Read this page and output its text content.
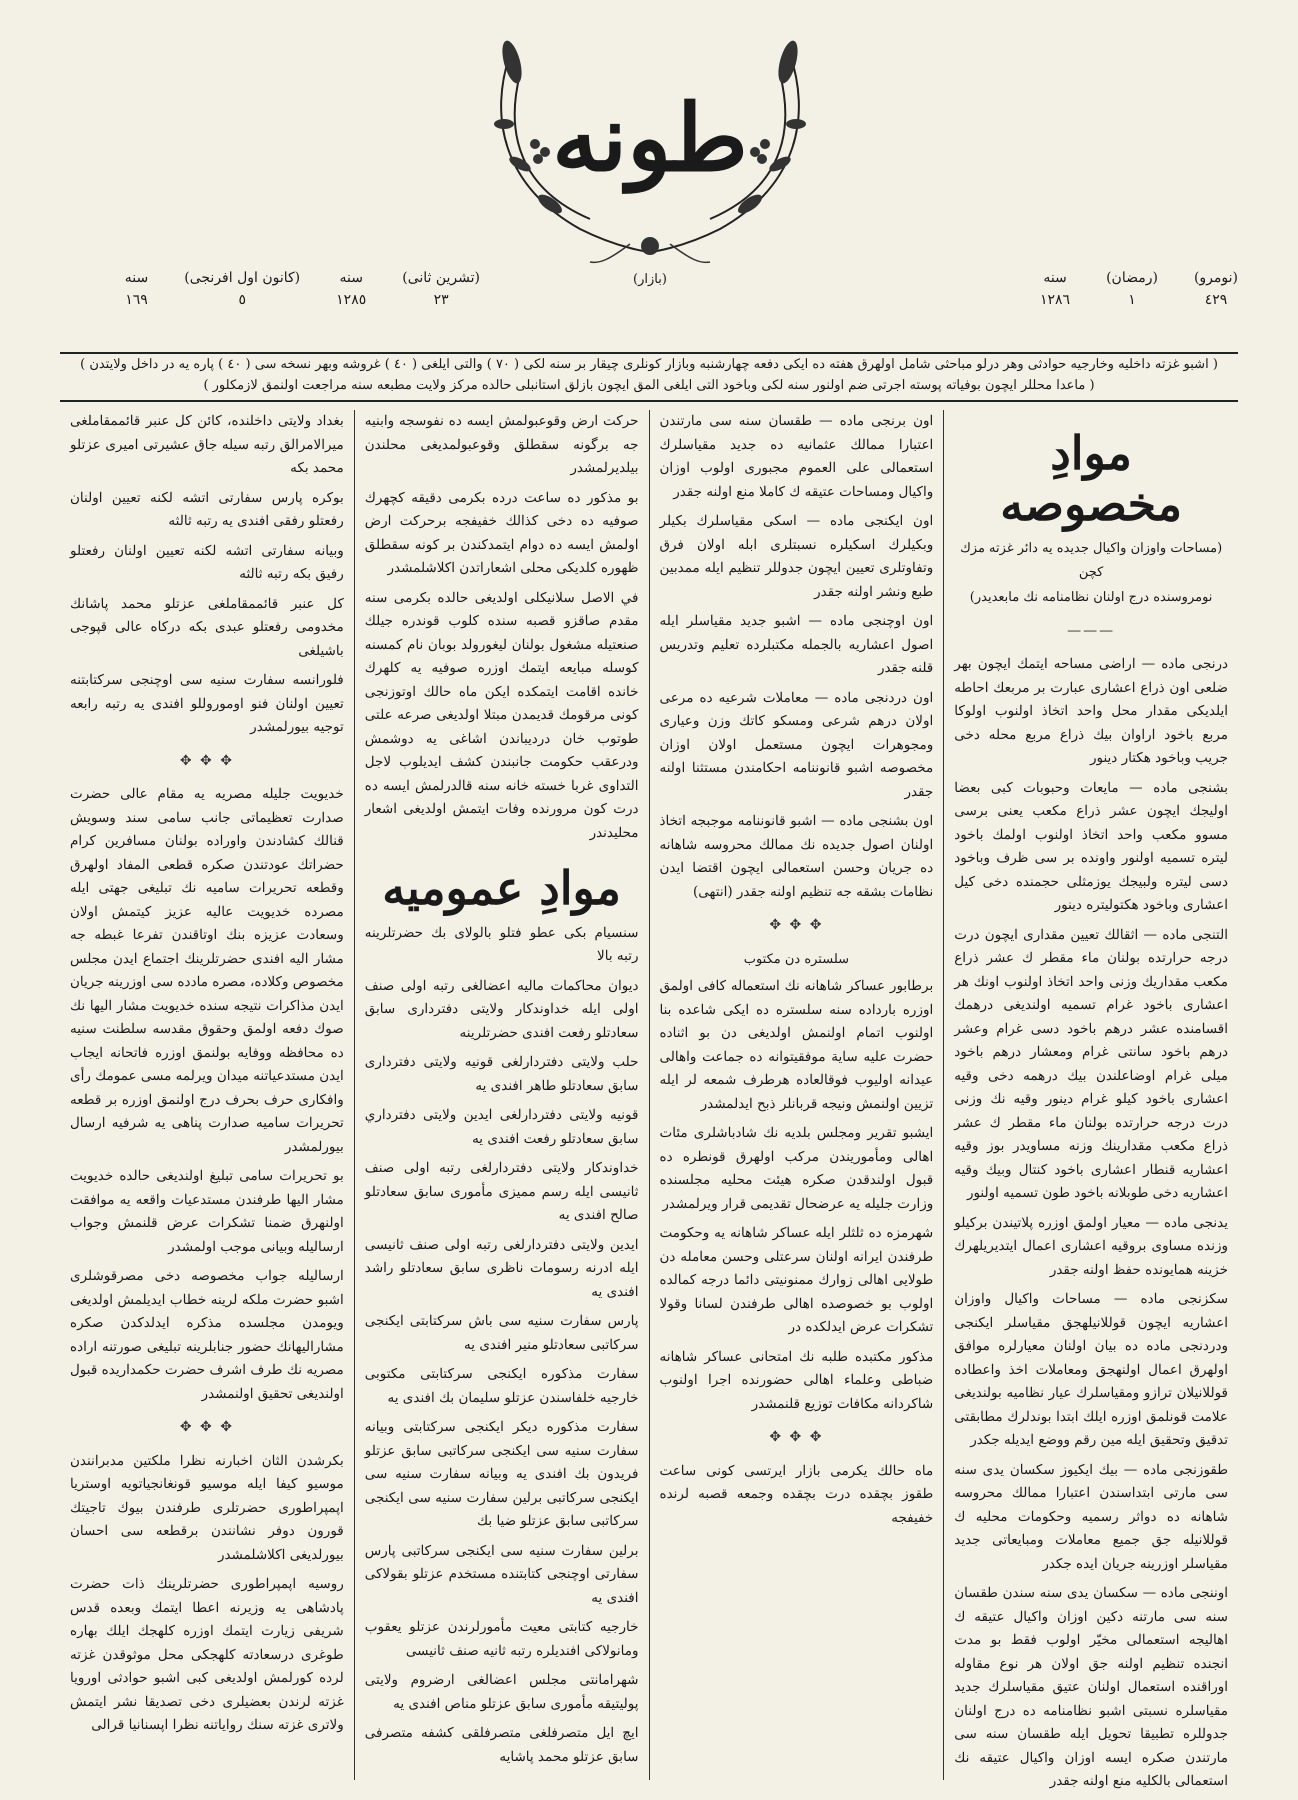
طونه
(بازار)	(نومرو)
٤٢٩
(رمضان)
١
سنه
١٢٨٦
(تشرين ثانى)
٢٣
سنه
١٢٨٥
(كانون اول افرنجى)
٥
سنه
١٦٩
( اشبو غزته داخليه وخارجيه حوادثى وهر درلو مباحثى شامل اولهرق هفته ده ايكى دفعه چهارشنبه وبازار كونلرى چيقار بر سنه لكى ( ٧٠ ) والتى ايلغى ( ٤٠ ) غروشه وبهر نسخه سى ( ٤٠ ) پاره يه در داخل ولايتدن )
( ماعدا محللر ايچون بوفياته پوسته اجرتى ضم اولنور سنه لكى وباخود التى ايلغى المق ايچون بازلق استانبلى حالده مركز ولايت مطبعه سنه مراجعت اولنمق لازمكلور )
موادِ مخصوصه
(مساحات واوزان واكيال جديده يه دائر غزته مزك كچن
نومروسنده درج اولنان نظامنامه نك مابعديدر)
———

درنجى ماده — اراضى مساحه ايتمك ايچون بهر ضلعى اون ذراع اعشارى عبارت بر مربعك احاطه ايلديكى مقدار محل واحد اتخاذ اولنوب اولوكا مربع باخود اراوان بيك ذراع مربع محله دخى جريب وباخود هكتار دينور

بشنجى ماده — مايعات وحبوبات كبى بعضا اوليجك ايچون عشر ذراع مكعب يعنى برسى مسوو مكعب واحد اتخاذ اولنوب اولمك باخود ليتره تسميه اولنور واونده بر سى ظرف وباخود دسى ليتره ولبيجك يوزمثلى حجمنده دخى كيل اعشارى وباخود هكتوليتره دينور

التنجى ماده — اثقالك تعيين مقدارى ايچون درت درجه حرارتده بولنان ماء مقطر ك عشر ذراع مكعب مقداريك وزنى واحد اتخاذ اولنوب اونك هر اعشارى باخود غرام تسميه اولنديغى درهمك اقسامنده عشر درهم باخود دسى غرام وعشر درهم باخود سانتى غرام ومعشار درهم باخود ميلى غرام اوضاعلندن بيك درهمه دخى وقيه اعشارى باخود كيلو غرام دينور وقيه نك وزنى درت درجه حرارتده بولنان ماء مقطر ك عشر ذراع مكعب مقدارينك وزنه مساويدر بوز وقيه اعشاريه قنطار اعشارى باخود كنتال وبيك وقيه اعشاريه دخى طوبلانه باخود طون تسميه اولنور

يدنجى ماده — معيار اولمق اوزره پلاتيندن بركيلو وزنده مساوى بروقيه اعشارى اعمال ايتديريلهرك خزينه همايونده حفظ اولنه جقدر

سكزنجى ماده — مساحات واكيال واوزان اعشاريه ايچون قوللانيلهجق مقياسلر ايكنجى ودردنجى ماده ده بيان اولنان معيارلره موافق اولهرق اعمال اولنهجق ومعاملات اخذ واعطاده قوللانيلان ترازو ومقياسلرك عيار نظاميه بولنديغى علامت قونلمق اوزره ايلك ابتدا بوندلرك مطابقتى تدقيق وتحقيق ايله مين رقم ووضع ايديله جكدر

طقوزنجى ماده — بيك ايكيوز سكسان يدى سنه سى مارتى ابتداسندن اعتبارا ممالك محروسه شاهانه ده دواثر رسميه وحكومات محليه ك قوللانيله جق جميع معاملات ومبايعاتى جديد مقياسلر اوزرينه جريان ايده جكدر

اوننجى ماده — سكسان يدى سنه سندن طقسان سنه سى مارتنه دكين اوزان واكيال عتيقه ك اهاليجه استعمالى مخيّر اولوب فقط بو مدت انجنده تنظيم اولنه جق اولان هر نوع مقاوله اوراقنده استعمال اولنان عتيق مقياسلرك جديد مقياسلره نسبتى اشبو نظامنامه ده درج اولنان جدوللره تطبيقا تحويل ايله طقسان سنه سى مارتندن صكره ايسه اوزان واكيال عتيقه نك استعمالى بالكليه منع اولنه جقدر

اون برنجى ماده — طقسان سنه سى مارتندن اعتبارا ممالك عثمانيه ده جديد مقياسلرك استعمالى على العموم مجبورى اولوب اوزان واكيال ومساحات عتيقه ك كاملا منع اولنه جقدر

اون ايكنجى ماده — اسكى مقياسلرك بكيلر وبكيلرك اسكيلره نسبتلرى ابله اولان فرق وتفاوتلرى تعيين ايچون جدوللر تنظيم ايله ممدبين طبع ونشر اولنه جقدر

اون اوچنجى ماده — اشبو جديد مقياسلر ايله اصول اعشاريه بالجمله مكتبلرده تعليم وتدريس قلنه جقدر

اون دردنجى ماده — معاملات شرعيه ده مرعى اولان درهم شرعى ومسكو كاتك وزن وعيارى ومجوهرات ايچون مستعمل اولان اوزان مخصوصه اشبو قانوننامه احكامندن مستثنا اولنه جقدر

اون بشنجى ماده — اشبو قانوننامه موجبجه اتخاذ اولنان اصول جديده نك ممالك محروسه شاهانه ده جريان وحسن استعمالى ايچون اقتضا ايدن نظامات بشقه جه تنظيم اولنه جقدر (انتهى)

✥ ✥ ✥
سلستره دن مكتوب

برطابور عساكر شاهانه نك استعماله كافى اولمق اوزره بارداده سنه سلستره ده ايكى شاعده بنا اولنوب اتمام اولنمش اولديغى دن بو اثناده حضرت عليه ساية موفقيتوانه ده جماعت واهالى عيدانه اوليوب فوقالعاده هرطرف شمعه لر ايله تزيين اولنمش ونيجه قربانلر ذبح ايدلمشدر

ايشبو تقرير ومجلس بلديه نك شادباشلرى مئات اهالى ومأموريندن مركب اولهرق قونطره ده قبول اولندقدن صكره هيئت محليه مجلسنده وزارت جليله يه عرضحال تقديمى قرار ويرلمشدر

شهرمزه ده ثلثلر ايله عساكر شاهانه يه وحكومت طرفندن ايرانه اولنان سرعتلى وحسن معامله دن طولايى اهالى زوارك ممنونيتى دائما درجه كمالده اولوب بو خصوصده اهالى طرفندن لسانا وقولا تشكرات عرض ايدلكده در

مذكور مكتبده طلبه نك امتحانى عساكر شاهانه ضباطى وعلماء اهالى حضورنده اجرا اولنوب شاكردانه مكافات توزيع قلنمشدر

✥ ✥ ✥

ماه حالك يكرمى بازار ايرتسى كونى ساعت طقوز بچقده درت بچقده وجمعه قصبه لرنده خفيفجه

حركت ارض وقوعبولمش ايسه ده نفوسجه وابنيه جه برگونه سقطلق وقوعبولمديغى محلندن بيلديرلمشدر

بو مذكور ده ساعت درده بكرمى دقيقه كچهرك صوفيه ده دخى كذالك خفيفجه برحركت ارض اولمش ايسه ده دوام ايتمدكندن بر كونه سقطلق ظهوره كلديكى محلى اشعاراتدن اكلاشلمشدر

في الاصل سلانيكلى اولديغى حالده بكرمى سنه مقدم صاقزو قصبه سنده كلوب قوندره جيلك صنعتيله مشغول بولنان ليغورولد بوبان نام كمسنه كوسله مبايعه ايتمك اوزره صوفيه يه كلهرك خانده اقامت ايتمكده ايكن ماه حالك اوتوزنجى كونى مرقومك قديمدن مبتلا اولديغى صرعه علتى طوتوب خان درديباندن اشاغى يه دوشمش ودرعقب حكومت جانبندن كشف ايديلوب لاجل التداوى غربا خسته خانه سنه قالدرلمش ايسه ده درت كون مرورنده وفات ايتمش اولديغى اشعار محليدندر

موادِ عموميه

سنسيام بكى عطو فتلو بالولاى بك حضرتلرينه رتبه بالا

ديوان محاكمات ماليه اعضالغى رتبه اولى صنف اولى ايله خداوندكار ولايتى دفتردارى سابق سعادتلو رفعت افندى حضرتلرينه

حلب ولايتى دفتردارلغى قونيه ولايتى دفتردارى سابق سعادتلو طاهر افندى يه

قونيه ولايتى دفتردارلغى ايدين ولايتى دفترداري سابق سعادتلو رفعت افندى يه

خداوندكار ولايتى دفتردارلغى رتبه اولى صنف ثانيسى ايله رسم مميزى مأمورى سابق سعادتلو صالح افندى يه

ايدين ولايتى دفتردارلغى رتبه اولى صنف ثانيسى ايله ادرنه رسومات ناظرى سابق سعادتلو راشد افندى يه

پارس سفارت سنيه سى باش سركتابتى ايكنجى سركاتبى سعادتلو منير افندى يه

سفارت مذكوره ايكنجى سركتابتى مكتوبى خارجيه خلفاسندن عزتلو سليمان بك افندى يه

سفارت مذكوره ديكر ايكنجى سركتابتى وبيانه سفارت سنيه سى ايكنجى سركاتبى سابق عزتلو فريدون بك افندى يه وبيانه سفارت سنيه سى ايكنجى سركاتبى برلين سفارت سنيه سى ايكنجى سركاتبى سابق عزتلو ضيا بك

برلين سفارت سنيه سى ايكنجى سركاتبى پارس سفارتى اوچنجى كتابتنده مستخدم عزتلو بقولاكى افندى يه

خارجيه كتابتى معيت مأمورلرندن عزتلو يعقوب ومانولاكى افنديلره رتبه ثانيه صنف ثانيسى

شهرامانتى مجلس اعضالغى ارضروم ولايتى پوليتيقه مأمورى سابق عزتلو مناص افندى يه

ايچ ايل متصرفلغى متصرفلقى كشفه متصرفى سابق عزتلو محمد پاشايه

بغداد ولايتى داخلنده، كائن كل عنبر قائممقاملغى ميرالامرالق رتبه سيله جاق عشيرتى اميرى عزتلو محمد بكه

بوكره پارس سفارتى اتشه لكنه تعيين اولنان رفعتلو رفقى افندى يه رتبه ثالثه

وبيانه سفارتى اتشه لكنه تعيين اولنان رفعتلو رفيق بكه رتبه ثالثه

كل عنبر قائممقاملغى عزتلو محمد پاشانك مخدومى رفعتلو عبدى بكه دركاه عالى قپوجى باشيلغى

فلورانسه سفارت سنيه سى اوچنجى سركتابتنه تعيين اولنان فنو اوموروللو افندى يه رتبه رابعه توجيه بيورلمشدر

✥ ✥ ✥

خديويت جليله مصريه يه مقام عالى حضرت صدارت تعظيماتى جانب سامى سند وسويش قنالك كشادندن واوراده بولنان مسافرين كرام حضراتك عودتندن صكره قطعى المفاد اولهرق وقطعه تحريرات ساميه نك تبليغى جهتى ايله مصرده خديويت عاليه عزيز كيتمش اولان وسعادت عزيزه بنك اوتاقندن تفرعا غبطه جه مشار اليه افندى حضرتلرينك اجتماع ايدن مجلس مخصوص وكلاده، مصره مادده سى اوزرينه جريان ايدن مذاكرات نتيجه سنده خديويت مشار اليها نك صوك دفعه اولمق وحقوق مقدسه سلطنت سنيه ده محافظه ووفايه بولنمق اوزره فاتحانه ايجاب ايدن مستدعياتنه ميدان ويرلمه مسى عمومك رأى وافكارى حرف بحرف درج اولنمق اوزره بر قطعه تحريرات ساميه صدارت پناهى يه شرفيه ارسال بيورلمشدر

بو تحريرات سامى تبليغ اولنديغى حالده خديويت مشار اليها طرفندن مستدعيات واقعه يه موافقت اولنهرق ضمنا تشكرات عرض قلنمش وجواب ارساليله وبيانى موجب اولمشدر

ارساليله جواب مخصوصه دخى مصرقوشلرى اشبو حضرت ملكه لرينه خطاب ايديلمش اولديغى ويومدن مجلسده مذكره ايدلدكدن صكره مشاراليهانك حضور جنابلرينه تبليغى صورتنه اراده مصريه نك طرف اشرف حضرت حكمداريده قبول اولنديغى تحقيق اولنمشدر

✥ ✥ ✥

بكرشدن الثان اخبارنه نظرا ملكتين مدبرانندن موسيو كيفا ايله موسيو قونغانجياتويه اوستريا اپمپراطورى حضرتلرى طرفندن بيوك تاجيتك قورون دوفر نشانندن برقطعه سى احسان بيورلديغى اكلاشلمشدر

روسيه اپمپراطورى حضرتلرينك ذات حضرت پادشاهى يه وزيرنه اعطا ايتمك وبعده قدس شريفى زيارت ايتمك اوزره كلهجك ايلك بهاره طوغرى درسعادته كلهجكى محل موثوقدن غزته لرده كورلمش اولديغى كبى اشبو حوادثى اورويا غزته لرندن بعضيلرى دخى تصديقا نشر ايتمش ولاترى غزته سنك رواياتنه نظرا اپسنانيا قرالى
